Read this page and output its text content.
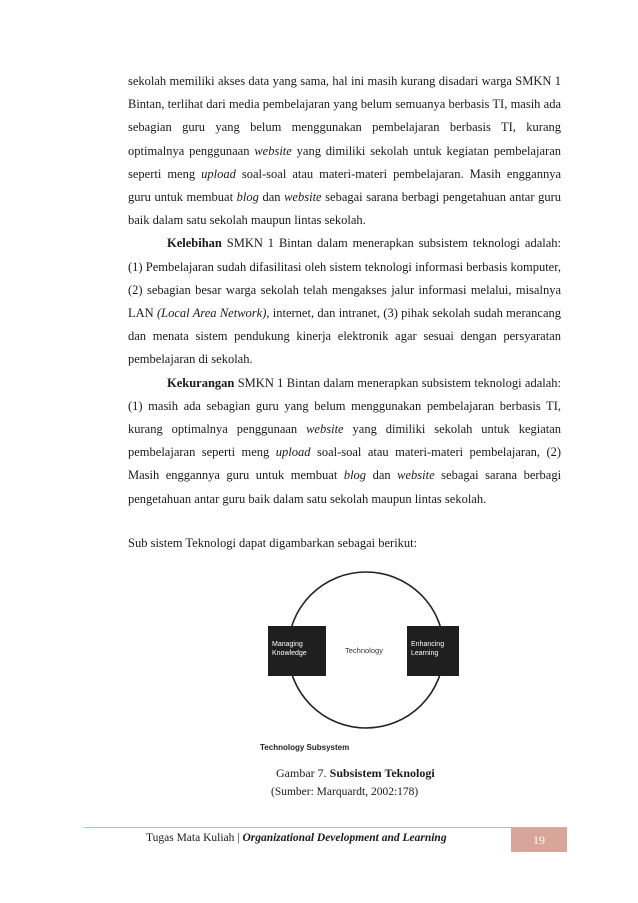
sekolah memiliki akses data yang sama, hal ini masih kurang disadari warga SMKN 1 Bintan, terlihat dari media pembelajaran yang belum semuanya berbasis TI, masih ada sebagian guru yang belum menggunakan pembelajaran berbasis TI, kurang optimalnya penggunaan website yang dimiliki sekolah untuk kegiatan pembelajaran seperti meng upload soal-soal atau materi-materi pembelajaran. Masih enggannya guru untuk membuat blog dan website sebagai sarana berbagi pengetahuan antar guru baik dalam satu sekolah maupun lintas sekolah.

Kelebihan SMKN 1 Bintan dalam menerapkan subsistem teknologi adalah: (1) Pembelajaran sudah difasilitasi oleh sistem teknologi informasi berbasis komputer, (2) sebagian besar warga sekolah telah mengakses jalur informasi melalui, misalnya LAN (Local Area Network), internet, dan intranet, (3) pihak sekolah sudah merancang dan menata sistem pendukung kinerja elektronik agar sesuai dengan persyaratan pembelajaran di sekolah.

Kekurangan SMKN 1 Bintan dalam menerapkan subsistem teknologi adalah: (1) masih ada sebagian guru yang belum menggunakan pembelajaran berbasis TI, kurang optimalnya penggunaan website yang dimiliki sekolah untuk kegiatan pembelajaran seperti meng upload soal-soal atau materi-materi pembelajaran, (2) Masih enggannya guru untuk membuat blog dan website sebagai sarana berbagi pengetahuan antar guru baik dalam satu sekolah maupun lintas sekolah.

Sub sistem Teknologi dapat digambarkan sebagai berikut:

Managing
Knowledge
Enhancing
Learning
Technology
Technology Subsystem
Gambar 7. Subsistem Teknologi
(Sumber: Marquardt, 2002:178)
Tugas Mata Kuliah | Organizational Development and Learning	19
